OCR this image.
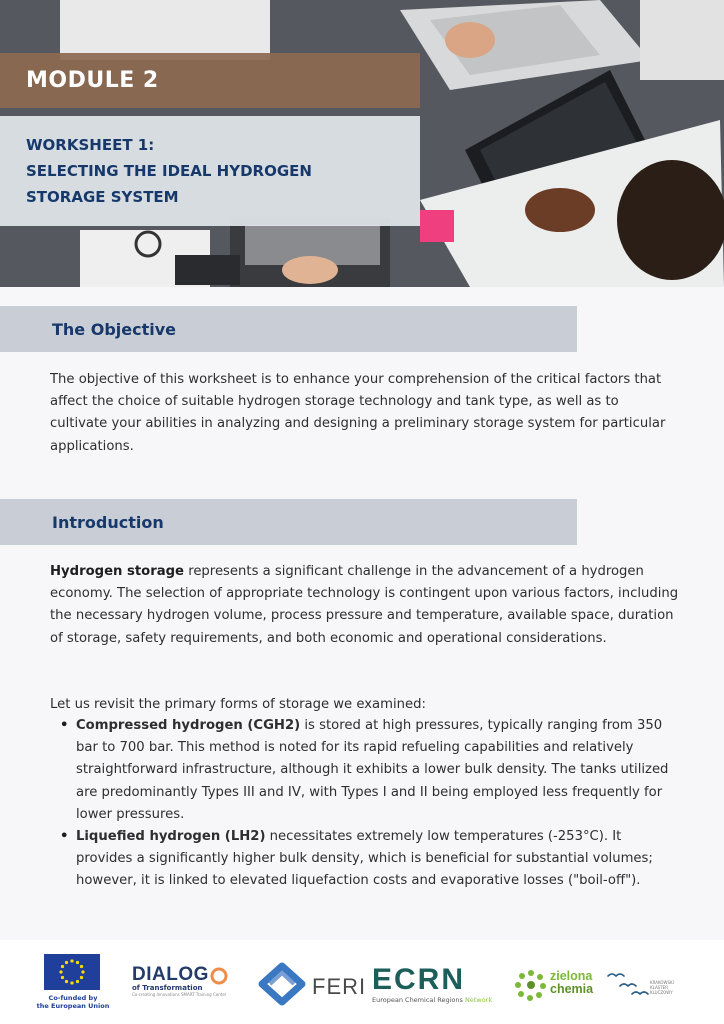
MODULE 2
WORKSHEET 1:
SELECTING THE IDEAL HYDROGEN
STORAGE SYSTEM
The Objective

The objective of this worksheet is to enhance your comprehension of the critical factors that affect the choice of suitable hydrogen storage technology and tank type, as well as to cultivate your abilities in analyzing and designing a preliminary storage system for particular applications.

Introduction

Hydrogen storage represents a significant challenge in the advancement of a hydrogen economy. The selection of appropriate technology is contingent upon various factors, including the necessary hydrogen volume, process pressure and temperature, available space, duration of storage, safety requirements, and both economic and operational considerations.

Let us revisit the primary forms of storage we examined:

• Compressed hydrogen (CGH2) is stored at high pressures, typically ranging from 350 bar to 700 bar. This method is noted for its rapid refueling capabilities and relatively straightforward infrastructure, although it exhibits a lower bulk density. The tanks utilized are predominantly Types III and IV, with Types I and II being employed less frequently for lower pressures.
• Liquefied hydrogen (LH2) necessitates extremely low temperatures (-253°C). It provides a significantly higher bulk density, which is beneficial for substantial volumes; however, it is linked to elevated liquefaction costs and evaporative losses ("boil-off").
Co-funded by
the European Union
DIALOG
of Transformation
Co-creating Innovations SMART Training Center	FERI ECRN
European Chemical Regions Network
zielona
chemia	KRAKOWSKI KLASTER KLUCZOWY
